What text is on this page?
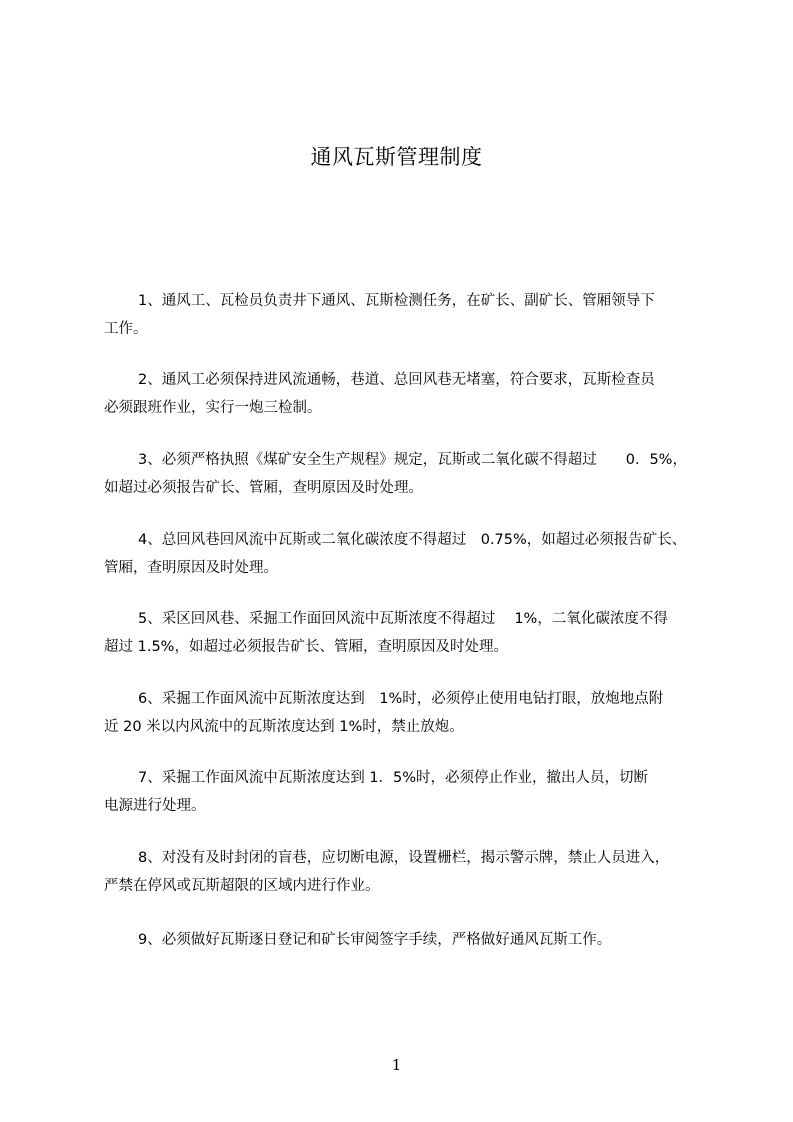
通风瓦斯管理制度
1、通风工、瓦检员负责井下通风、瓦斯检测任务，在矿长、副矿长、管厢领导下
工作。
2、通风工必须保持进风流通畅，巷道、总回风巷无堵塞，符合要求，瓦斯检查员
必须跟班作业，实行一炮三检制。
3、必须严格执照《煤矿安全生产规程》规定，瓦斯或二氧化碳不得超过　　0．5%，
如超过必须报告矿长、管厢，查明原因及时处理。
4、总回风巷回风流中瓦斯或二氧化碳浓度不得超过　0.75%，如超过必须报告矿长、
管厢，查明原因及时处理。
5、采区回风巷、采掘工作面回风流中瓦斯浓度不得超过　 1%，二氧化碳浓度不得
超过 1.5%，如超过必须报告矿长、管厢，查明原因及时处理。
6、采掘工作面风流中瓦斯浓度达到　1%时，必须停止使用电钻打眼，放炮地点附
近 20 米以内风流中的瓦斯浓度达到 1%时，禁止放炮。
7、采掘工作面风流中瓦斯浓度达到 1．5%时，必须停止作业，撤出人员，切断
电源进行处理。
8、对没有及时封闭的盲巷，应切断电源，设置栅栏，揭示警示牌，禁止人员进入，
严禁在停风或瓦斯超限的区域内进行作业。
9、必须做好瓦斯逐日登记和矿长审阅签字手续，严格做好通风瓦斯工作。
1
